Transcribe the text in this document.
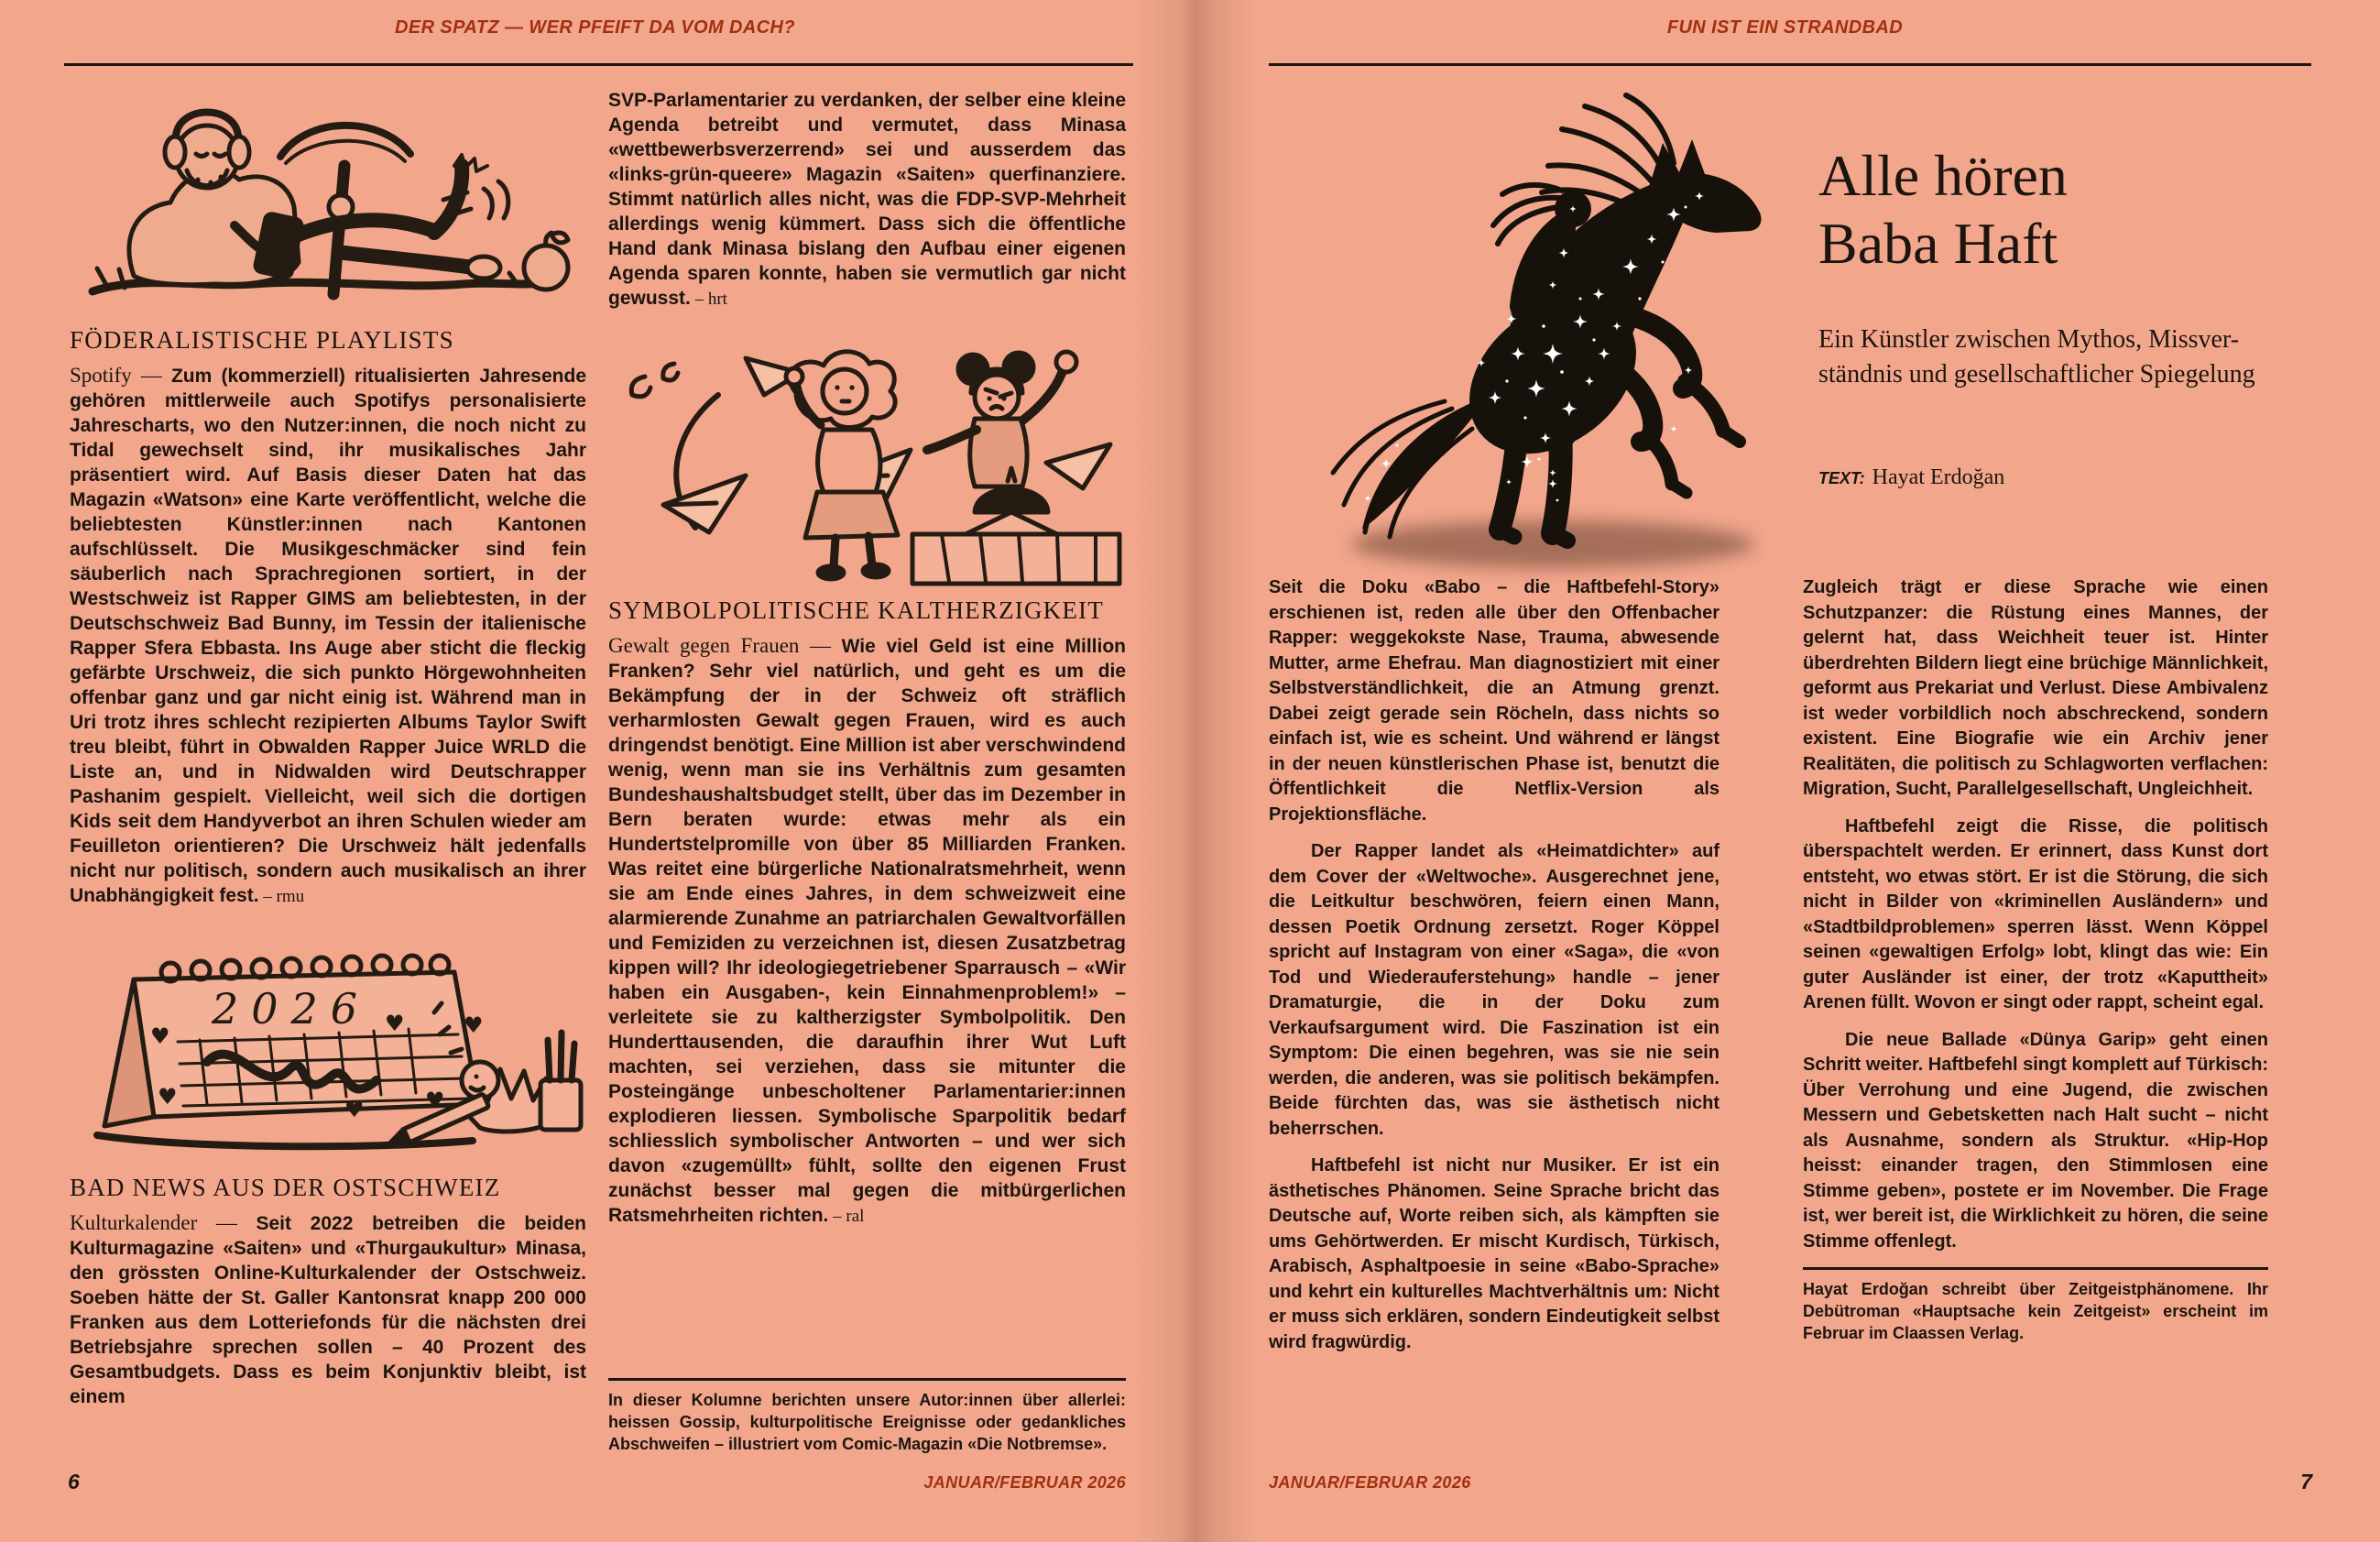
DER SPATZ — WER PFEIFT DA VOM DACH?	FUN IST EIN STRANDBAD
FÖDERALISTISCHE PLAYLISTS

Spotify — Zum (kommerziell) ritualisierten Jahresende gehören mittlerweile auch Spotifys personalisierte Jahrescharts, wo den Nutzer:innen, die noch nicht zu Tidal gewechselt sind, ihr musikalisches Jahr präsentiert wird. Auf Basis dieser Daten hat das Magazin «Watson» eine Karte veröffentlicht, welche die beliebtesten Künstler:innen nach Kantonen aufschlüsselt. Die Musikgeschmäcker sind fein säuberlich nach Sprachregionen sortiert, in der Westschweiz ist Rapper GIMS am beliebtesten, in der Deutschschweiz Bad Bunny, im Tessin der italienische Rapper Sfera Ebbasta. Ins Auge aber sticht die fleckig gefärbte Urschweiz, die sich punkto Hörgewohnheiten offenbar ganz und gar nicht einig ist. Während man in Uri trotz ihres schlecht rezipierten Albums Taylor Swift treu bleibt, führt in Obwalden Rapper Juice WRLD die Liste an, und in Nidwalden wird Deutschrapper Pashanim gespielt. Vielleicht, weil sich die dortigen Kids seit dem Handyverbot an ihren Schulen wieder am Feuilleton orientieren? Die Urschweiz hält jedenfalls nicht nur politisch, sondern auch musikalisch an ihrer Unabhängigkeit fest. – rmu

2026
♥	♥
♥	♥
♥
♥
BAD NEWS AUS DER OSTSCHWEIZ

Kulturkalender — Seit 2022 betreiben die beiden Kulturmagazine «Saiten» und «Thurgaukultur» Minasa, den grössten Online-Kulturkalender der Ostschweiz. Soeben hätte der St. Galler Kantonsrat knapp 200 000 Franken aus dem Lotteriefonds für die nächsten drei Betriebsjahre sprechen sollen – 40 Prozent des Gesamtbudgets. Dass es beim Konjunktiv bleibt, ist einem

SVP-Parlamentarier zu verdanken, der selber eine kleine Agenda betreibt und vermutet, dass Minasa «wettbewerbsverzerrend» sei und ausserdem das «links-grün-queere» Magazin «Saiten» querfinanziere. Stimmt natürlich alles nicht, was die FDP-SVP-Mehrheit allerdings wenig kümmert. Dass sich die öffentliche Hand dank Minasa bislang den Aufbau einer eigenen Agenda sparen konnte, haben sie vermutlich gar nicht gewusst. – hrt

SYMBOLPOLITISCHE KALTHERZIGKEIT

Gewalt gegen Frauen — Wie viel Geld ist eine Million Franken? Sehr viel natürlich, und geht es um die Bekämpfung der in der Schweiz oft sträflich verharmlosten Gewalt gegen Frauen, wird es auch dringendst benötigt. Eine Million ist aber verschwindend wenig, wenn man sie ins Verhältnis zum gesamten Bundeshaushaltsbudget stellt, über das im Dezember in Bern beraten wurde: etwas mehr als ein Hundertstelpromille von über 85 Milliarden Franken. Was reitet eine bürgerliche Nationalratsmehrheit, wenn sie am Ende eines Jahres, in dem schweizweit eine alarmierende Zunahme an patriarchalen Gewaltvorfällen und Femiziden zu verzeichnen ist, diesen Zusatzbetrag kippen will? Ihr ideologiegetriebener Sparrausch – «Wir haben ein Ausgaben-, kein Einnahmenproblem!» – verleitete sie zu kaltherzigster Symbolpolitik. Den Hunderttausenden, die daraufhin ihrer Wut Luft machten, sei verziehen, dass sie mitunter die Posteingänge unbescholtener Parlamentarier:innen explodieren liessen. Symbolische Sparpolitik bedarf schliesslich symbolischer Antworten – und wer sich davon «zugemüllt» fühlt, sollte den eigenen Frust zunächst besser mal gegen die mitbürgerlichen Ratsmehrheiten richten. – ral

In dieser Kolumne berichten unsere Autor:innen über allerlei: heissen Gossip, kulturpolitische Ereignisse oder gedankliches Abschweifen – illustriert vom Comic-Magazin «Die Notbremse».
Alle hören
Baba Haft
Ein Künstler zwischen Mythos, Missver-
ständnis und gesellschaftlicher Spiegelung
TEXT: Hayat Erdoğan

Seit die Doku «Babo – die Haftbefehl-Story» erschienen ist, reden alle über den Offenbacher Rapper: weggekokste Nase, Trauma, abwesende Mutter, arme Ehefrau. Man diagnostiziert mit einer Selbstverständlichkeit, die an Atmung grenzt. Dabei zeigt gerade sein Röcheln, dass nichts so einfach ist, wie es scheint. Und während er längst in der neuen künstlerischen Phase ist, benutzt die Öffentlichkeit die Netflix-Version als Projektionsfläche.

Der Rapper landet als «Heimatdichter» auf dem Cover der «Weltwoche». Ausgerechnet jene, die Leitkultur beschwören, feiern einen Mann, dessen Poetik Ordnung zersetzt. Roger Köppel spricht auf Instagram von einer «Saga», die «von Tod und Wiederauferstehung» handle – jener Dramaturgie, die in der Doku zum Verkaufsargument wird. Die Faszination ist ein Symptom: Die einen begehren, was sie nie sein werden, die anderen, was sie politisch bekämpfen. Beide fürchten das, was sie ästhetisch nicht beherrschen.

Haftbefehl ist nicht nur Musiker. Er ist ein ästhetisches Phänomen. Seine Sprache bricht das Deutsche auf, Worte reiben sich, als kämpften sie ums Gehörtwerden. Er mischt Kurdisch, Türkisch, Arabisch, Asphaltpoesie in seine «Babo-Sprache» und kehrt ein kulturelles Machtverhältnis um: Nicht er muss sich erklären, sondern Eindeutigkeit selbst wird fragwürdig.

Zugleich trägt er diese Sprache wie einen Schutzpanzer: die Rüstung eines Mannes, der gelernt hat, dass Weichheit teuer ist. Hinter überdrehten Bildern liegt eine brüchige Männlichkeit, geformt aus Prekariat und Verlust. Diese Ambivalenz ist weder vorbildlich noch abschreckend, sondern existent. Eine Biografie wie ein Archiv jener Realitäten, die politisch zu Schlagworten verflachen: Migration, Sucht, Parallelgesellschaft, Ungleichheit.

Haftbefehl zeigt die Risse, die politisch überspachtelt werden. Er erinnert, dass Kunst dort entsteht, wo etwas stört. Er ist die Störung, die sich nicht in Bilder von «kriminellen Ausländern» und «Stadtbildproblemen» sperren lässt. Wenn Köppel seinen «gewaltigen Erfolg» lobt, klingt das wie: Ein guter Ausländer ist einer, der trotz «Kaputtheit» Arenen füllt. Wovon er singt oder rappt, scheint egal.

Die neue Ballade «Dünya Garip» geht einen Schritt weiter. Haftbefehl singt komplett auf Türkisch: Über Verrohung und eine Jugend, die zwischen Messern und Gebetsketten nach Halt sucht – nicht als Ausnahme, sondern als Struktur. «Hip-Hop heisst: einander tragen, den Stimmlosen eine Stimme geben», postete er im November. Die Frage ist, wer bereit ist, die Wirklichkeit zu hören, die seine Stimme offenlegt.

Hayat Erdoğan schreibt über Zeitgeistphänomene. Ihr Debütroman «Hauptsache kein Zeitgeist» erscheint im Februar im Claassen Verlag.
6	JANUAR/FEBRUAR 2026	JANUAR/FEBRUAR 2026	7
